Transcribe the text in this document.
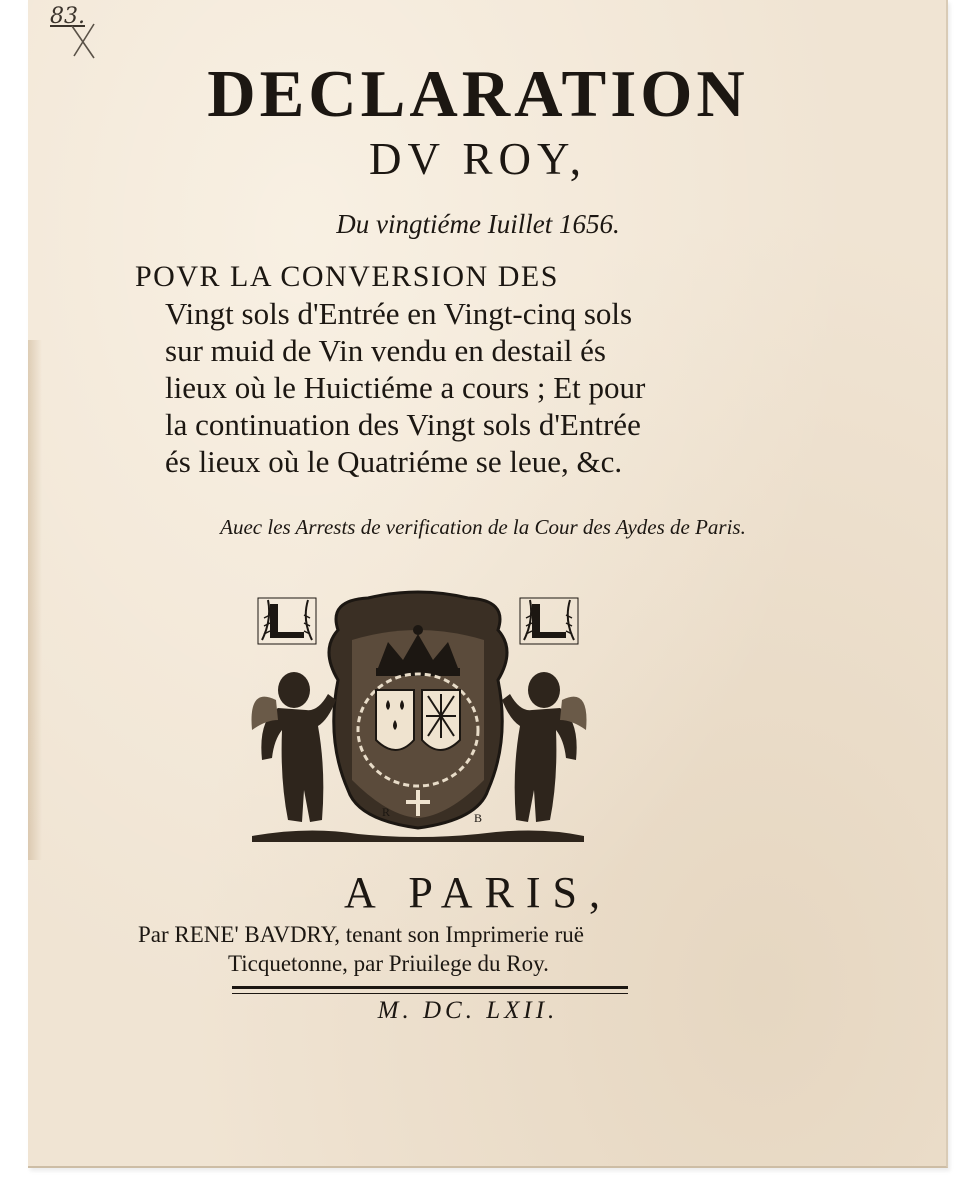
83.
DECLARATION
DV ROY,
Du vingtiéme Iuillet 1656.
POVR LA CONVERSION DES
Vingt sols d'Entrée en Vingt-cinq sols
sur muid de Vin vendu en destail és
lieux où le Huictiéme a cours ; Et pour
la continuation des Vingt sols d'Entrée
és lieux où le Quatriéme se leue, &c.
Auec les Arrests de verification de la Cour des Aydes de Paris.
R	B
A PARIS,
Par RENE' BAVDRY, tenant son Imprimerie ruë
Ticquetonne, par Priuilege du Roy.
M. DC. LXII.
